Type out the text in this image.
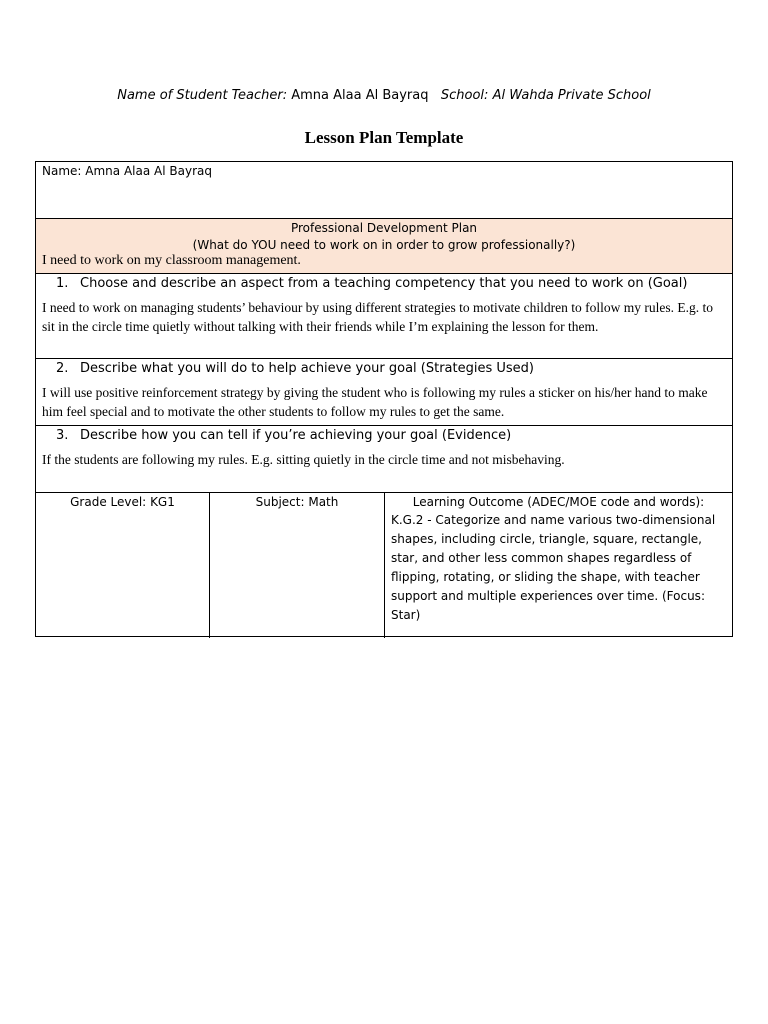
Name of Student Teacher: Amna Alaa Al Bayraq School: Al Wahda Private School
Lesson Plan Template
Name: Amna Alaa Al Bayraq
Professional Development Plan
(What do YOU need to work on in order to grow professionally?)
I need to work on my classroom management.
1. Choose and describe an aspect from a teaching competency that you need to work on (Goal)
I need to work on managing students’ behaviour by using different strategies to motivate children to follow my rules. E.g. to sit in the circle time quietly without talking with their friends while I’m explaining the lesson for them.
2. Describe what you will do to help achieve your goal (Strategies Used)
I will use positive reinforcement strategy by giving the student who is following my rules a sticker on his/her hand to make him feel special and to motivate the other students to follow my rules to get the same.
3. Describe how you can tell if you’re achieving your goal (Evidence)
If the students are following my rules. E.g. sitting quietly in the circle time and not misbehaving.
Grade Level: KG1	Subject: Math	Learning Outcome (ADEC/MOE code and words):
K.G.2 - Categorize and name various two-dimensional shapes, including circle, triangle, square, rectangle, star, and other less common shapes regardless of flipping, rotating, or sliding the shape, with teacher support and multiple experiences over time. (Focus: Star)
